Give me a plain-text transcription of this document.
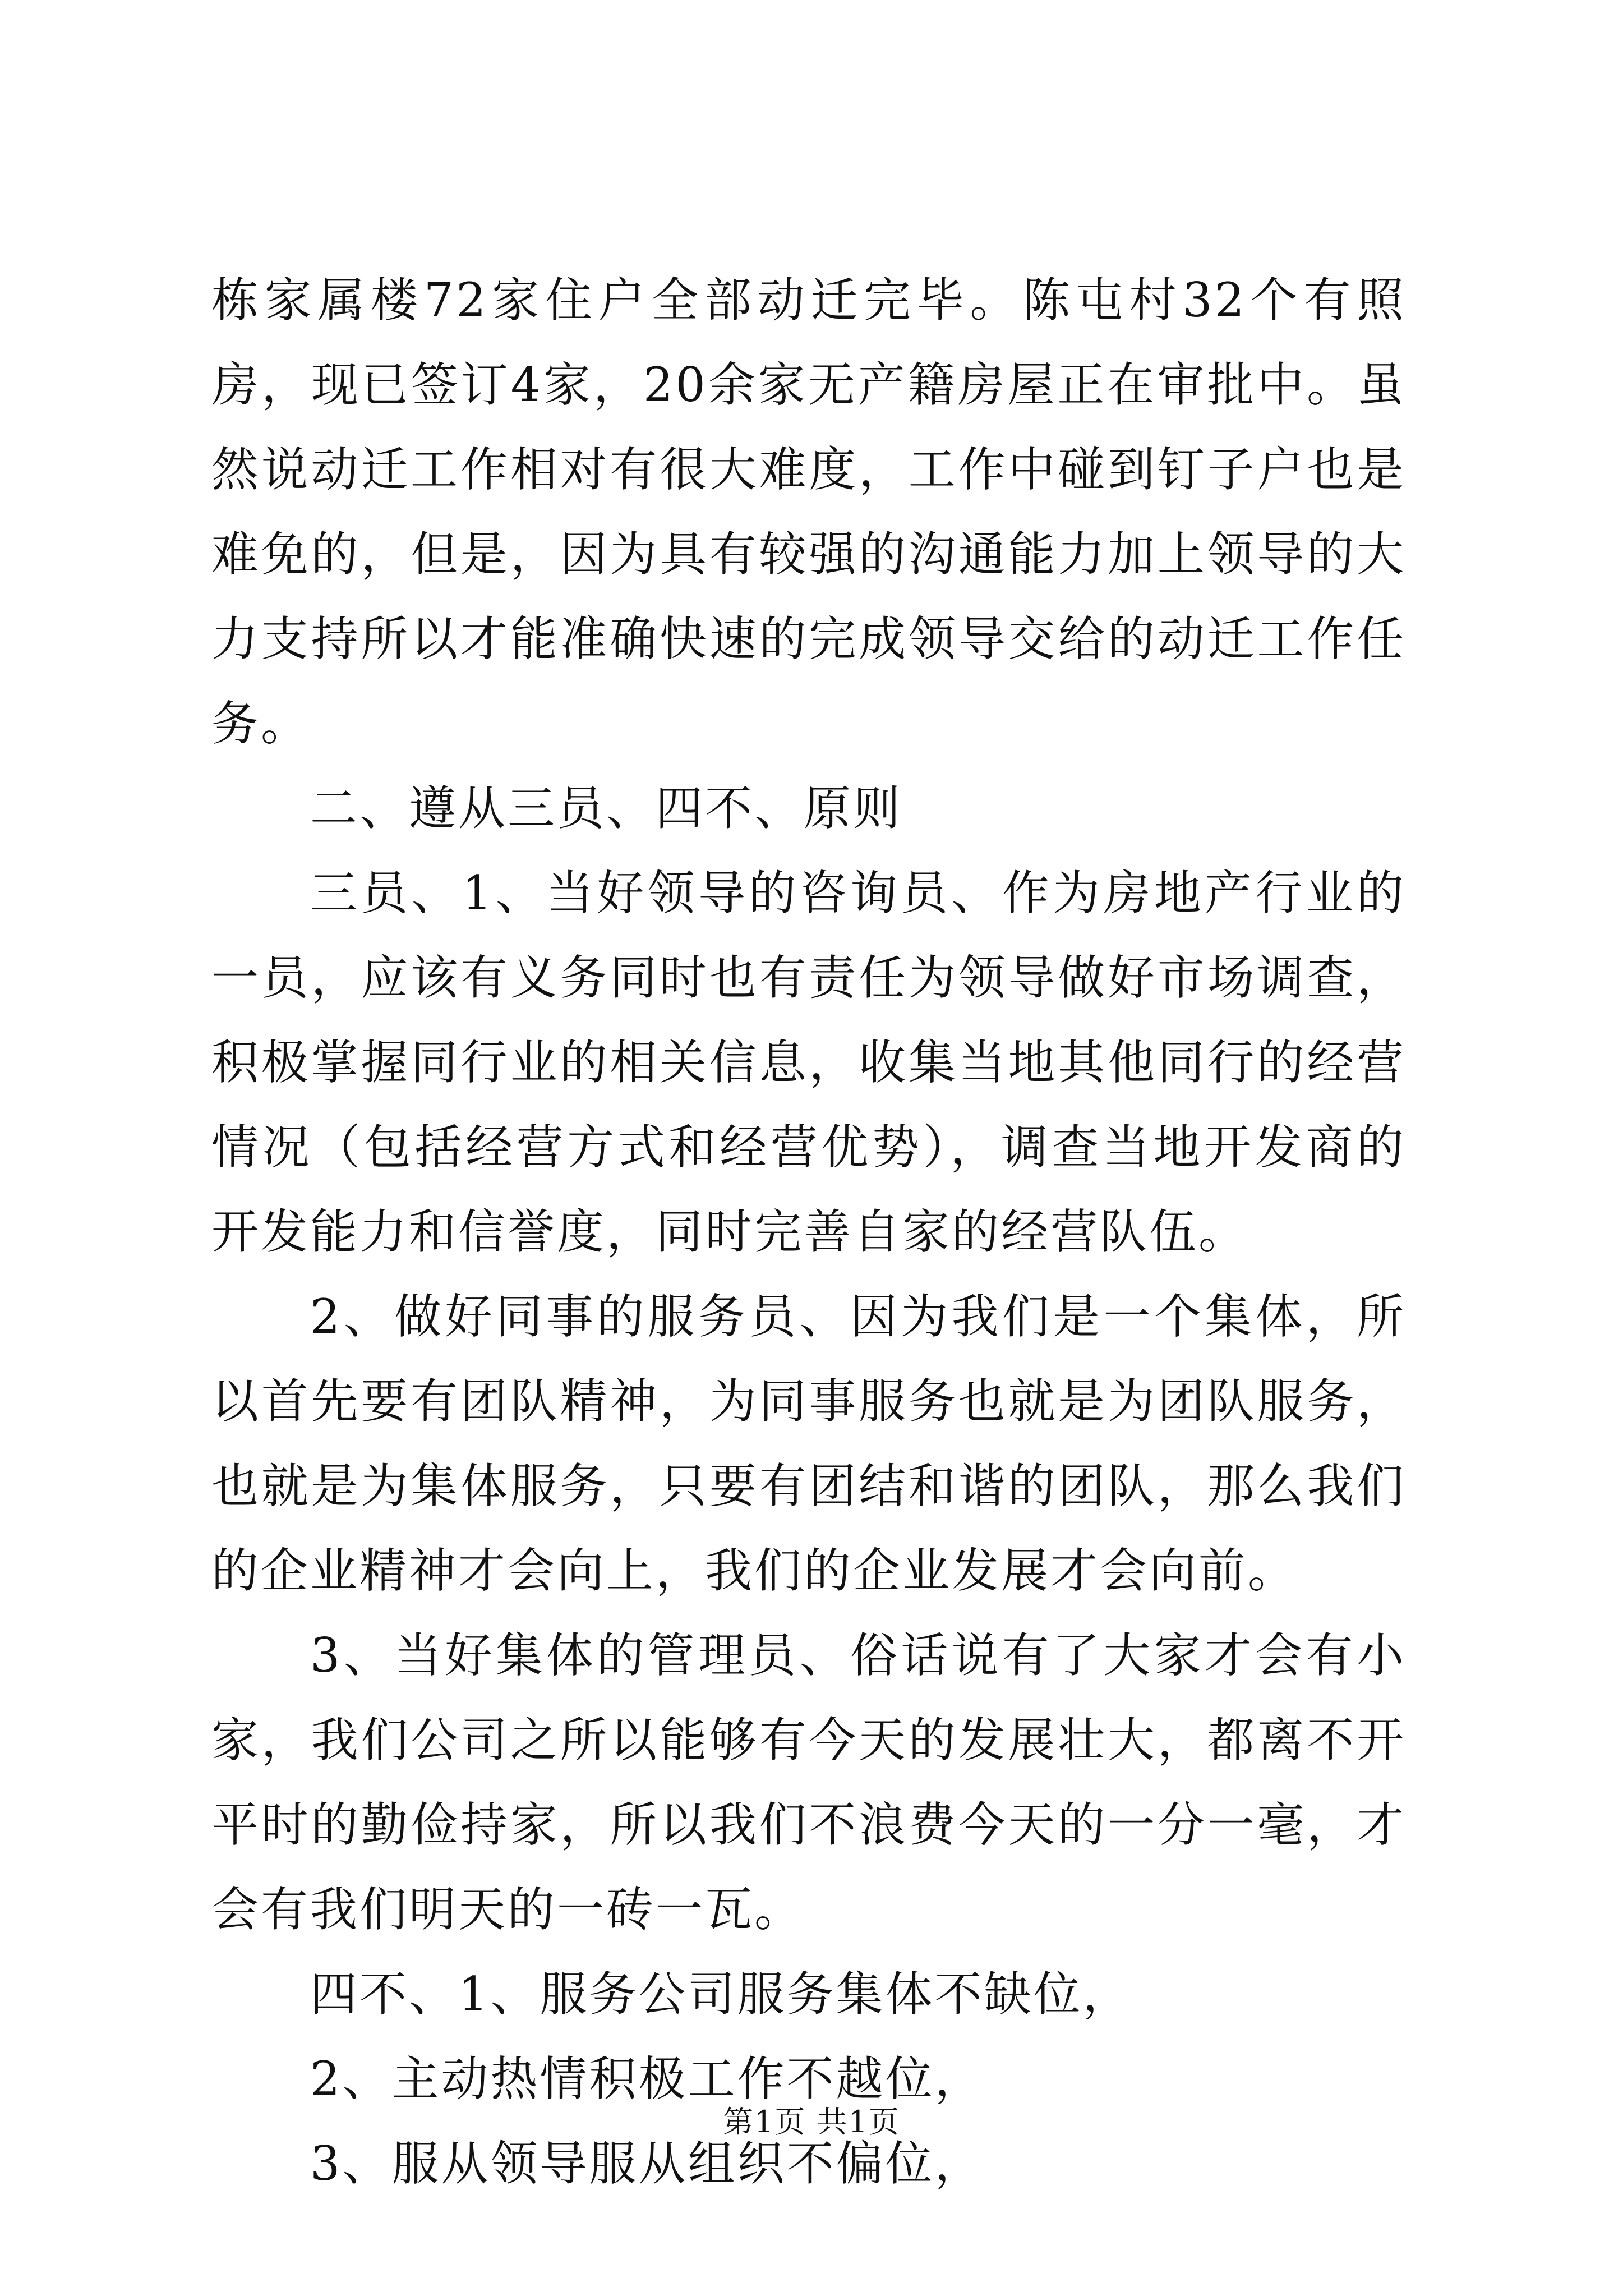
栋家属楼72家住户全部动迁完毕。陈屯村32个有照房，现已签订4家，20余家无产籍房屋正在审批中。虽然说动迁工作相对有很大难度，工作中碰到钉子户也是难免的，但是，因为具有较强的沟通能力加上领导的大力支持所以才能准确快速的完成领导交给的动迁工作任务。

二、遵从三员、四不、原则

三员、1、当好领导的咨询员、作为房地产行业的一员，应该有义务同时也有责任为领导做好市场调查，积极掌握同行业的相关信息，收集当地其他同行的经营情况（包括经营方式和经营优势），调查当地开发商的开发能力和信誉度，同时完善自家的经营队伍。

2、做好同事的服务员、因为我们是一个集体，所以首先要有团队精神，为同事服务也就是为团队服务，也就是为集体服务，只要有团结和谐的团队，那么我们的企业精神才会向上，我们的企业发展才会向前。

3、当好集体的管理员、俗话说有了大家才会有小家，我们公司之所以能够有今天的发展壮大，都离不开平时的勤俭持家，所以我们不浪费今天的一分一毫，才会有我们明天的一砖一瓦。

四不、1、服务公司服务集体不缺位，

2、主动热情积极工作不越位，

3、服从领导服从组织不偏位，

第1页 共1页
